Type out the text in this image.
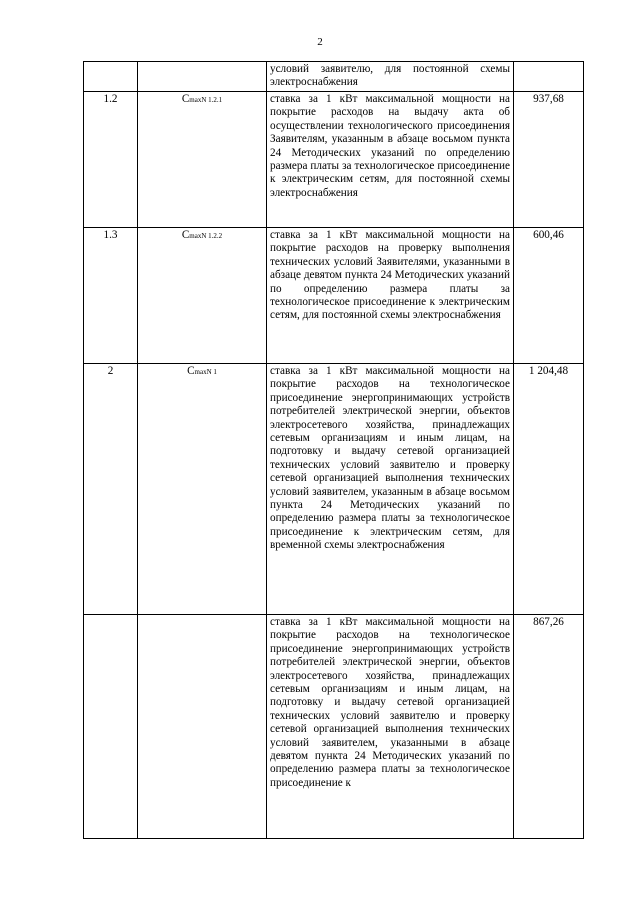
2
		условий заявителю, для постоянной схемы электроснабжения	
1.2	CmaxN 1.2.1	ставка за 1 кВт максимальной мощности на покрытие расходов на выдачу акта об осуществлении технологического присоединения Заявителям, указанным в абзаце восьмом пункта 24 Методических указаний по определению размера платы за технологическое присоединение к электрическим сетям, для постоянной схемы электроснабжения	937,68
1.3	CmaxN 1.2.2	ставка за 1 кВт максимальной мощности на покрытие расходов на проверку выполнения технических условий Заявителями, указанными в абзаце девятом пункта 24 Методических указаний по определению размера платы за технологическое присоединение к электрическим сетям, для постоянной схемы электроснабжения	600,46
2	CmaxN 1	ставка за 1 кВт максимальной мощности на покрытие расходов на технологическое присоединение энергопринимающих устройств потребителей электрической энергии, объектов электросетевого хозяйства, принадлежащих сетевым организациям и иным лицам, на подготовку и выдачу сетевой организацией технических условий заявителю и проверку сетевой организацией выполнения технических условий заявителем, указанным в абзаце восьмом пункта 24 Методических указаний по определению размера платы за технологическое присоединение к электрическим сетям, для временной схемы электроснабжения	1 204,48
		ставка за 1 кВт максимальной мощности на покрытие расходов на технологическое присоединение энергопринимающих устройств потребителей электрической энергии, объектов электросетевого хозяйства, принадлежащих сетевым организациям и иным лицам, на подготовку и выдачу сетевой организацией технических условий заявителю и проверку сетевой организацией выполнения технических условий заявителем, указанными в абзаце девятом пункта 24 Методических указаний по определению размера платы за технологическое присоединение к	867,26
